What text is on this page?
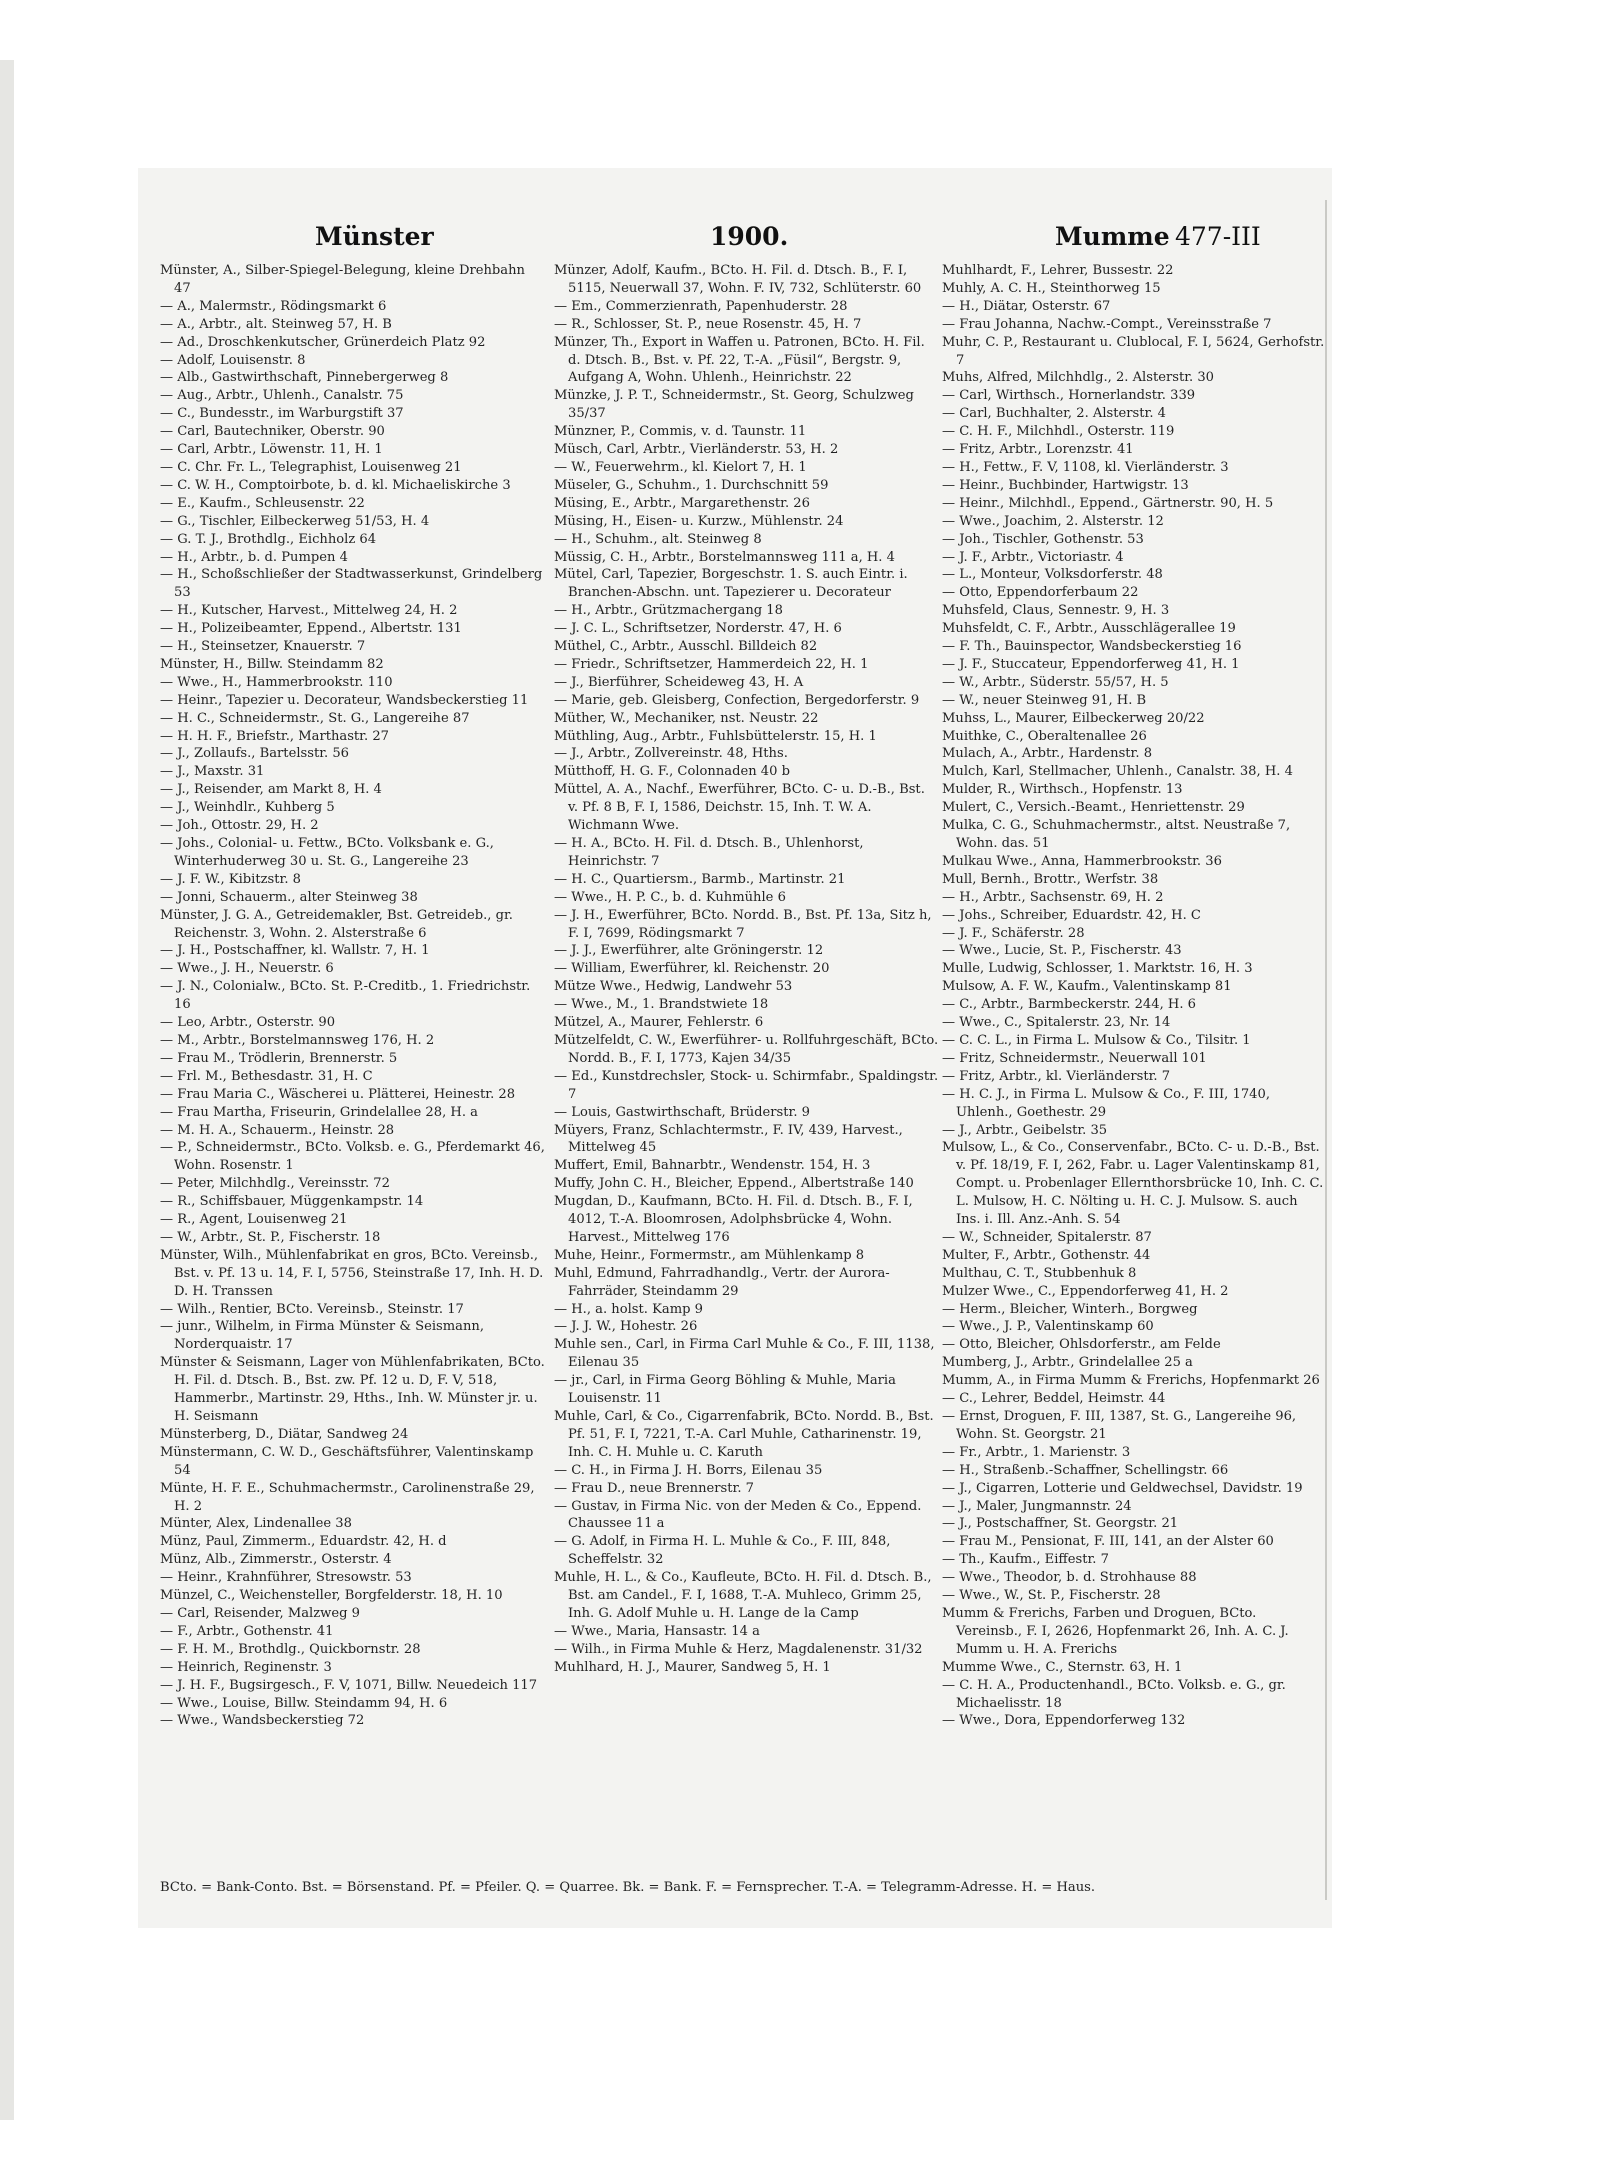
Münster	1900.	Mumme 477-III

Münster, A., Silber-Spiegel-Belegung, kleine Drehbahn 47

— A., Malermstr., Rödingsmarkt 6

— A., Arbtr., alt. Steinweg 57, H. B

— Ad., Droschkenkutscher, Grünerdeich Platz 92

— Adolf, Louisenstr. 8

— Alb., Gastwirthschaft, Pinnebergerweg 8

— Aug., Arbtr., Uhlenh., Canalstr. 75

— C., Bundesstr., im Warburgstift 37

— Carl, Bautechniker, Oberstr. 90

— Carl, Arbtr., Löwenstr. 11, H. 1

— C. Chr. Fr. L., Telegraphist, Louisenweg 21

— C. W. H., Comptoirbote, b. d. kl. Michaeliskirche 3

— E., Kaufm., Schleusenstr. 22

— G., Tischler, Eilbeckerweg 51/53, H. 4

— G. T. J., Brothdlg., Eichholz 64

— H., Arbtr., b. d. Pumpen 4

— H., Schoßschließer der Stadtwasserkunst, Grindelberg 53

— H., Kutscher, Harvest., Mittelweg 24, H. 2

— H., Polizeibeamter, Eppend., Albertstr. 131

— H., Steinsetzer, Knauerstr. 7

Münster, H., Billw. Steindamm 82

— Wwe., H., Hammerbrookstr. 110

— Heinr., Tapezier u. Decorateur, Wandsbeckerstieg 11

— H. C., Schneidermstr., St. G., Langereihe 87

— H. H. F., Briefstr., Marthastr. 27

— J., Zollaufs., Bartelsstr. 56

— J., Maxstr. 31

— J., Reisender, am Markt 8, H. 4

— J., Weinhdlr., Kuhberg 5

— Joh., Ottostr. 29, H. 2

— Johs., Colonial- u. Fettw., BCto. Volksbank e. G., Winterhuderweg 30 u. St. G., Langereihe 23

— J. F. W., Kibitzstr. 8

— Jonni, Schauerm., alter Steinweg 38

Münster, J. G. A., Getreidemakler, Bst. Getreideb., gr. Reichenstr. 3, Wohn. 2. Alsterstraße 6

— J. H., Postschaffner, kl. Wallstr. 7, H. 1

— Wwe., J. H., Neuerstr. 6

— J. N., Colonialw., BCto. St. P.-Creditb., 1. Friedrichstr. 16

— Leo, Arbtr., Osterstr. 90

— M., Arbtr., Borstelmannsweg 176, H. 2

— Frau M., Trödlerin, Brennerstr. 5

— Frl. M., Bethesdastr. 31, H. C

— Frau Maria C., Wäscherei u. Plätterei, Heinestr. 28

— Frau Martha, Friseurin, Grindelallee 28, H. a

— M. H. A., Schauerm., Heinstr. 28

— P., Schneidermstr., BCto. Volksb. e. G., Pferdemarkt 46, Wohn. Rosenstr. 1

— Peter, Milchhdlg., Vereinsstr. 72

— R., Schiffsbauer, Müggenkampstr. 14

— R., Agent, Louisenweg 21

— W., Arbtr., St. P., Fischerstr. 18

Münster, Wilh., Mühlenfabrikat en gros, BCto. Vereinsb., Bst. v. Pf. 13 u. 14, F. I, 5756, Steinstraße 17, Inh. H. D. D. H. Transsen

— Wilh., Rentier, BCto. Vereinsb., Steinstr. 17

— junr., Wilhelm, in Firma Münster & Seismann, Norderquaistr. 17

Münster & Seismann, Lager von Mühlenfabrikaten, BCto. H. Fil. d. Dtsch. B., Bst. zw. Pf. 12 u. D, F. V, 518, Hammerbr., Martinstr. 29, Hths., Inh. W. Münster jr. u. H. Seismann

Münsterberg, D., Diätar, Sandweg 24

Münstermann, C. W. D., Geschäftsführer, Valentinskamp 54

Münte, H. F. E., Schuhmachermstr., Carolinenstraße 29, H. 2

Münter, Alex, Lindenallee 38

Münz, Paul, Zimmerm., Eduardstr. 42, H. d

Münz, Alb., Zimmerstr., Osterstr. 4

— Heinr., Krahnführer, Stresowstr. 53

Münzel, C., Weichensteller, Borgfelderstr. 18, H. 10

— Carl, Reisender, Malzweg 9

— F., Arbtr., Gothenstr. 41

— F. H. M., Brothdlg., Quickbornstr. 28

— Heinrich, Reginenstr. 3

— J. H. F., Bugsirgesch., F. V, 1071, Billw. Neuedeich 117

— Wwe., Louise, Billw. Steindamm 94, H. 6

— Wwe., Wandsbeckerstieg 72

Münzer, Adolf, Kaufm., BCto. H. Fil. d. Dtsch. B., F. I, 5115, Neuerwall 37, Wohn. F. IV, 732, Schlüterstr. 60

— Em., Commerzienrath, Papenhuderstr. 28

— R., Schlosser, St. P., neue Rosenstr. 45, H. 7

Münzer, Th., Export in Waffen u. Patronen, BCto. H. Fil. d. Dtsch. B., Bst. v. Pf. 22, T.-A. „Füsil“, Bergstr. 9, Aufgang A, Wohn. Uhlenh., Heinrichstr. 22

Münzke, J. P. T., Schneidermstr., St. Georg, Schulzweg 35/37

Münzner, P., Commis, v. d. Taunstr. 11

Müsch, Carl, Arbtr., Vierländerstr. 53, H. 2

— W., Feuerwehrm., kl. Kielort 7, H. 1

Müseler, G., Schuhm., 1. Durchschnitt 59

Müsing, E., Arbtr., Margarethenstr. 26

Müsing, H., Eisen- u. Kurzw., Mühlenstr. 24

— H., Schuhm., alt. Steinweg 8

Müssig, C. H., Arbtr., Borstelmannsweg 111 a, H. 4

Mütel, Carl, Tapezier, Borgeschstr. 1. S. auch Eintr. i. Branchen-Abschn. unt. Tapezierer u. Decorateur

— H., Arbtr., Grützmachergang 18

— J. C. L., Schriftsetzer, Norderstr. 47, H. 6

Müthel, C., Arbtr., Ausschl. Billdeich 82

— Friedr., Schriftsetzer, Hammerdeich 22, H. 1

— J., Bierführer, Scheideweg 43, H. A

— Marie, geb. Gleisberg, Confection, Bergedorferstr. 9

Müther, W., Mechaniker, nst. Neustr. 22

Müthling, Aug., Arbtr., Fuhlsbüttelerstr. 15, H. 1

— J., Arbtr., Zollvereinstr. 48, Hths.

Mütthoff, H. G. F., Colonnaden 40 b

Müttel, A. A., Nachf., Ewerführer, BCto. C- u. D.-B., Bst. v. Pf. 8 B, F. I, 1586, Deichstr. 15, Inh. T. W. A. Wichmann Wwe.

— H. A., BCto. H. Fil. d. Dtsch. B., Uhlenhorst, Heinrichstr. 7

— H. C., Quartiersm., Barmb., Martinstr. 21

— Wwe., H. P. C., b. d. Kuhmühle 6

— J. H., Ewerführer, BCto. Nordd. B., Bst. Pf. 13a, Sitz h, F. I, 7699, Rödingsmarkt 7

— J. J., Ewerführer, alte Gröningerstr. 12

— William, Ewerführer, kl. Reichenstr. 20

Mütze Wwe., Hedwig, Landwehr 53

— Wwe., M., 1. Brandstwiete 18

Mützel, A., Maurer, Fehlerstr. 6

Mützelfeldt, C. W., Ewerführer- u. Rollfuhrgeschäft, BCto. Nordd. B., F. I, 1773, Kajen 34/35

— Ed., Kunstdrechsler, Stock- u. Schirmfabr., Spaldingstr. 7

— Louis, Gastwirthschaft, Brüderstr. 9

Müyers, Franz, Schlachtermstr., F. IV, 439, Harvest., Mittelweg 45

Muffert, Emil, Bahnarbtr., Wendenstr. 154, H. 3

Muffy, John C. H., Bleicher, Eppend., Albertstraße 140

Mugdan, D., Kaufmann, BCto. H. Fil. d. Dtsch. B., F. I, 4012, T.-A. Bloomrosen, Adolphsbrücke 4, Wohn. Harvest., Mittelweg 176

Muhe, Heinr., Formermstr., am Mühlenkamp 8

Muhl, Edmund, Fahrradhandlg., Vertr. der Aurora-Fahrräder, Steindamm 29

— H., a. holst. Kamp 9

— J. J. W., Hohestr. 26

Muhle sen., Carl, in Firma Carl Muhle & Co., F. III, 1138, Eilenau 35

— jr., Carl, in Firma Georg Böhling & Muhle, Maria Louisenstr. 11

Muhle, Carl, & Co., Cigarrenfabrik, BCto. Nordd. B., Bst. Pf. 51, F. I, 7221, T.-A. Carl Muhle, Catharinenstr. 19, Inh. C. H. Muhle u. C. Karuth

— C. H., in Firma J. H. Borrs, Eilenau 35

— Frau D., neue Brennerstr. 7

— Gustav, in Firma Nic. von der Meden & Co., Eppend. Chaussee 11 a

— G. Adolf, in Firma H. L. Muhle & Co., F. III, 848, Scheffelstr. 32

Muhle, H. L., & Co., Kaufleute, BCto. H. Fil. d. Dtsch. B., Bst. am Candel., F. I, 1688, T.-A. Muhleco, Grimm 25, Inh. G. Adolf Muhle u. H. Lange de la Camp

— Wwe., Maria, Hansastr. 14 a

— Wilh., in Firma Muhle & Herz, Magdalenenstr. 31/32

Muhlhard, H. J., Maurer, Sandweg 5, H. 1

Muhlhardt, F., Lehrer, Bussestr. 22

Muhly, A. C. H., Steinthorweg 15

— H., Diätar, Osterstr. 67

— Frau Johanna, Nachw.-Compt., Vereinsstraße 7

Muhr, C. P., Restaurant u. Clublocal, F. I, 5624, Gerhofstr. 7

Muhs, Alfred, Milchhdlg., 2. Alsterstr. 30

— Carl, Wirthsch., Hornerlandstr. 339

— Carl, Buchhalter, 2. Alsterstr. 4

— C. H. F., Milchhdl., Osterstr. 119

— Fritz, Arbtr., Lorenzstr. 41

— H., Fettw., F. V, 1108, kl. Vierländerstr. 3

— Heinr., Buchbinder, Hartwigstr. 13

— Heinr., Milchhdl., Eppend., Gärtnerstr. 90, H. 5

— Wwe., Joachim, 2. Alsterstr. 12

— Joh., Tischler, Gothenstr. 53

— J. F., Arbtr., Victoriastr. 4

— L., Monteur, Volksdorferstr. 48

— Otto, Eppendorferbaum 22

Muhsfeld, Claus, Sennestr. 9, H. 3

Muhsfeldt, C. F., Arbtr., Ausschlägerallee 19

— F. Th., Bauinspector, Wandsbeckerstieg 16

— J. F., Stuccateur, Eppendorferweg 41, H. 1

— W., Arbtr., Süderstr. 55/57, H. 5

— W., neuer Steinweg 91, H. B

Muhss, L., Maurer, Eilbeckerweg 20/22

Muithke, C., Oberaltenallee 26

Mulach, A., Arbtr., Hardenstr. 8

Mulch, Karl, Stellmacher, Uhlenh., Canalstr. 38, H. 4

Mulder, R., Wirthsch., Hopfenstr. 13

Mulert, C., Versich.-Beamt., Henriettenstr. 29

Mulka, C. G., Schuhmachermstr., altst. Neustraße 7, Wohn. das. 51

Mulkau Wwe., Anna, Hammerbrookstr. 36

Mull, Bernh., Brottr., Werfstr. 38

— H., Arbtr., Sachsenstr. 69, H. 2

— Johs., Schreiber, Eduardstr. 42, H. C

— J. F., Schäferstr. 28

— Wwe., Lucie, St. P., Fischerstr. 43

Mulle, Ludwig, Schlosser, 1. Marktstr. 16, H. 3

Mulsow, A. F. W., Kaufm., Valentinskamp 81

— C., Arbtr., Barmbeckerstr. 244, H. 6

— Wwe., C., Spitalerstr. 23, Nr. 14

— C. C. L., in Firma L. Mulsow & Co., Tilsitr. 1

— Fritz, Schneidermstr., Neuerwall 101

— Fritz, Arbtr., kl. Vierländerstr. 7

— H. C. J., in Firma L. Mulsow & Co., F. III, 1740, Uhlenh., Goethestr. 29

— J., Arbtr., Geibelstr. 35

Mulsow, L., & Co., Conservenfabr., BCto. C- u. D.-B., Bst. v. Pf. 18/19, F. I, 262, Fabr. u. Lager Valentinskamp 81, Compt. u. Probenlager Ellernthorsbrücke 10, Inh. C. C. L. Mulsow, H. C. Nölting u. H. C. J. Mulsow. S. auch Ins. i. Ill. Anz.-Anh. S. 54

— W., Schneider, Spitalerstr. 87

Multer, F., Arbtr., Gothenstr. 44

Multhau, C. T., Stubbenhuk 8

Mulzer Wwe., C., Eppendorferweg 41, H. 2

— Herm., Bleicher, Winterh., Borgweg

— Wwe., J. P., Valentinskamp 60

— Otto, Bleicher, Ohlsdorferstr., am Felde

Mumberg, J., Arbtr., Grindelallee 25 a

Mumm, A., in Firma Mumm & Frerichs, Hopfenmarkt 26

— C., Lehrer, Beddel, Heimstr. 44

— Ernst, Droguen, F. III, 1387, St. G., Langereihe 96, Wohn. St. Georgstr. 21

— Fr., Arbtr., 1. Marienstr. 3

— H., Straßenb.-Schaffner, Schellingstr. 66

— J., Cigarren, Lotterie und Geldwechsel, Davidstr. 19

— J., Maler, Jungmannstr. 24

— J., Postschaffner, St. Georgstr. 21

— Frau M., Pensionat, F. III, 141, an der Alster 60

— Th., Kaufm., Eiffestr. 7

— Wwe., Theodor, b. d. Strohhause 88

— Wwe., W., St. P., Fischerstr. 28

Mumm & Frerichs, Farben und Droguen, BCto. Vereinsb., F. I, 2626, Hopfenmarkt 26, Inh. A. C. J. Mumm u. H. A. Frerichs

Mumme Wwe., C., Sternstr. 63, H. 1

— C. H. A., Productenhandl., BCto. Volksb. e. G., gr. Michaelisstr. 18

— Wwe., Dora, Eppendorferweg 132

BCto. = Bank-Conto. Bst. = Börsenstand. Pf. = Pfeiler. Q. = Quarree. Bk. = Bank. F. = Fernsprecher. T.-A. = Telegramm-Adresse. H. = Haus.
